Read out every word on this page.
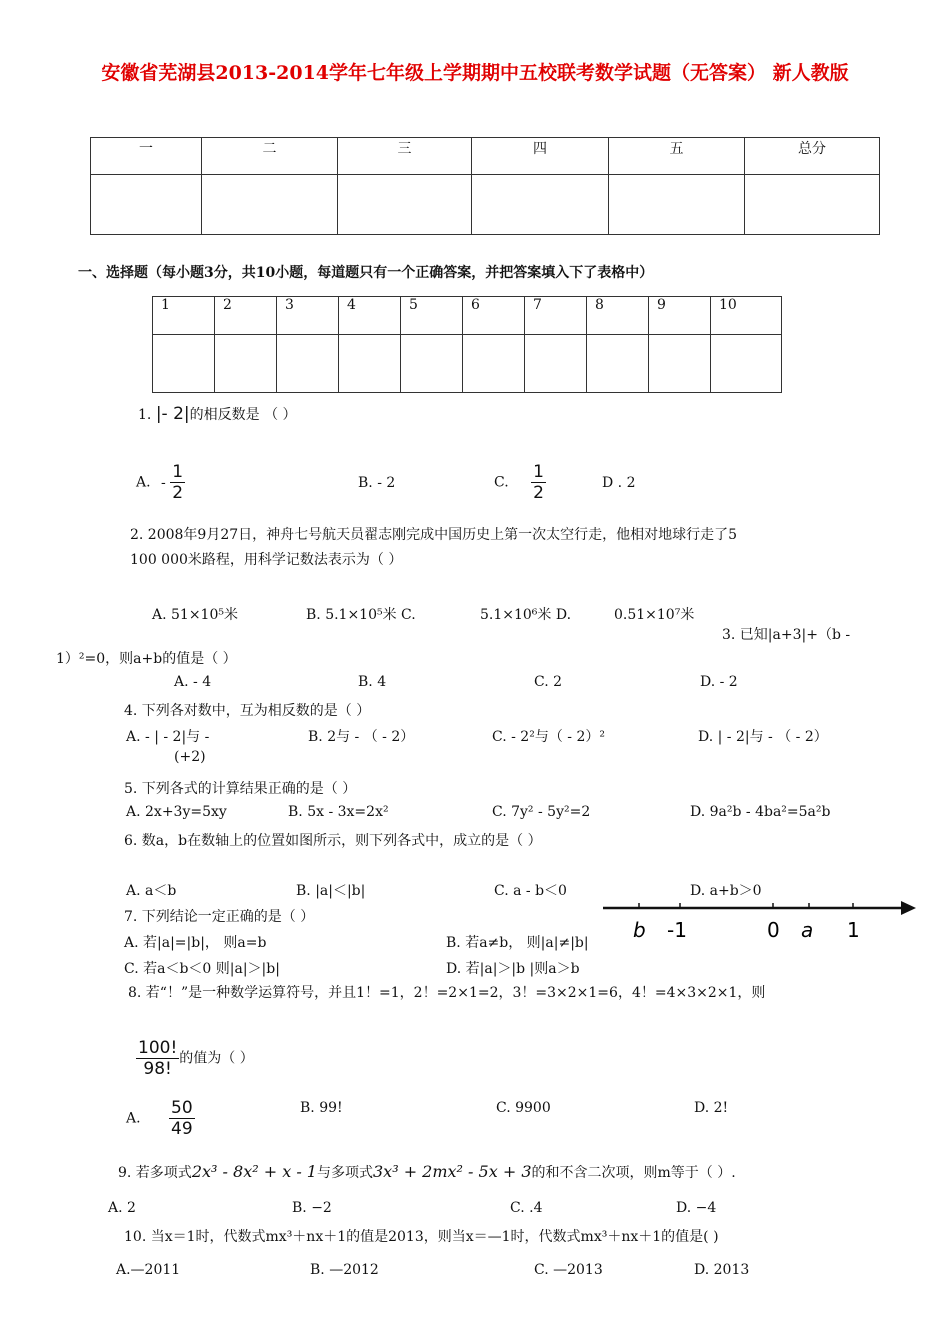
安徽省芜湖县2013-2014学年七年级上学期期中五校联考数学试题（无答案） 新人教版
一	二	三	四	五	总分

一、选择题（每小题3分，共10小题，每道题只有一个正确答案，并把答案填入下了表格中）
1	2	3	4	5	6	7	8	9	10

1. |- 2|的相反数是 （ ）
A. - $\frac{1}{2}$	B. - 2	C. $\frac{1}{2}$	D . 2
2. 2008年9月27日，神舟七号航天员翟志刚完成中国历史上第一次太空行走，他相对地球行走了5
100 000米路程，用科学记数法表示为（ ）
A. 51×10⁵米	B. 5.1×10⁵米 C.	5.1×10⁶米 D.	0.51×10⁷米
3. 已知|a+3|+（b -
1）²=0，则a+b的值是（ ）
A. - 4	B. 4	C. 2	D. - 2
4. 下列各对数中，互为相反数的是（ ）
A. - | - 2|与 -
(+2)
B. 2与 - （ - 2）	C. - 2²与（ - 2）²	D. | - 2|与 - （ - 2）
5. 下列各式的计算结果正确的是（ ）
A. 2x+3y=5xy	B. 5x - 3x=2x²	C. 7y² - 5y²=2	D. 9a²b - 4ba²=5a²b
6. 数a，b在数轴上的位置如图所示，则下列各式中，成立的是（ ）
A. a＜b	B. |a|＜|b|	C. a - b＜0	D. a+b＞0
b -1	0 a 1
7. 下列结论一定正确的是（ ）
A. 若|a|=|b|， 则a=b	B. 若a≠b， 则|a|≠|b|
C. 若a＜b＜0 则|a|＞|b|	D. 若|a|＞|b |则a＞b
8. 若“！”是一种数学运算符号，并且1！=1，2！=2×1=2，3！=3×2×1=6，4！=4×3×2×1，则
$\frac{100!}{98!}$ 的值为（ ）
A. $\frac{50}{49}$	B. 99!	C. 9900	D. 2!
9. 若多项式2x³ - 8x² + x - 1与多项式3x³ + 2mx² - 5x + 3的和不含二次项，则m等于（ ）.
A. 2	B. −2	C. .4	D. −4
10. 当x＝1时，代数式mx³＋nx＋1的值是2013，则当x＝—1时，代数式mx³＋nx＋1的值是( )
A.—2011	B. —2012	C. —2013	D. 2013
